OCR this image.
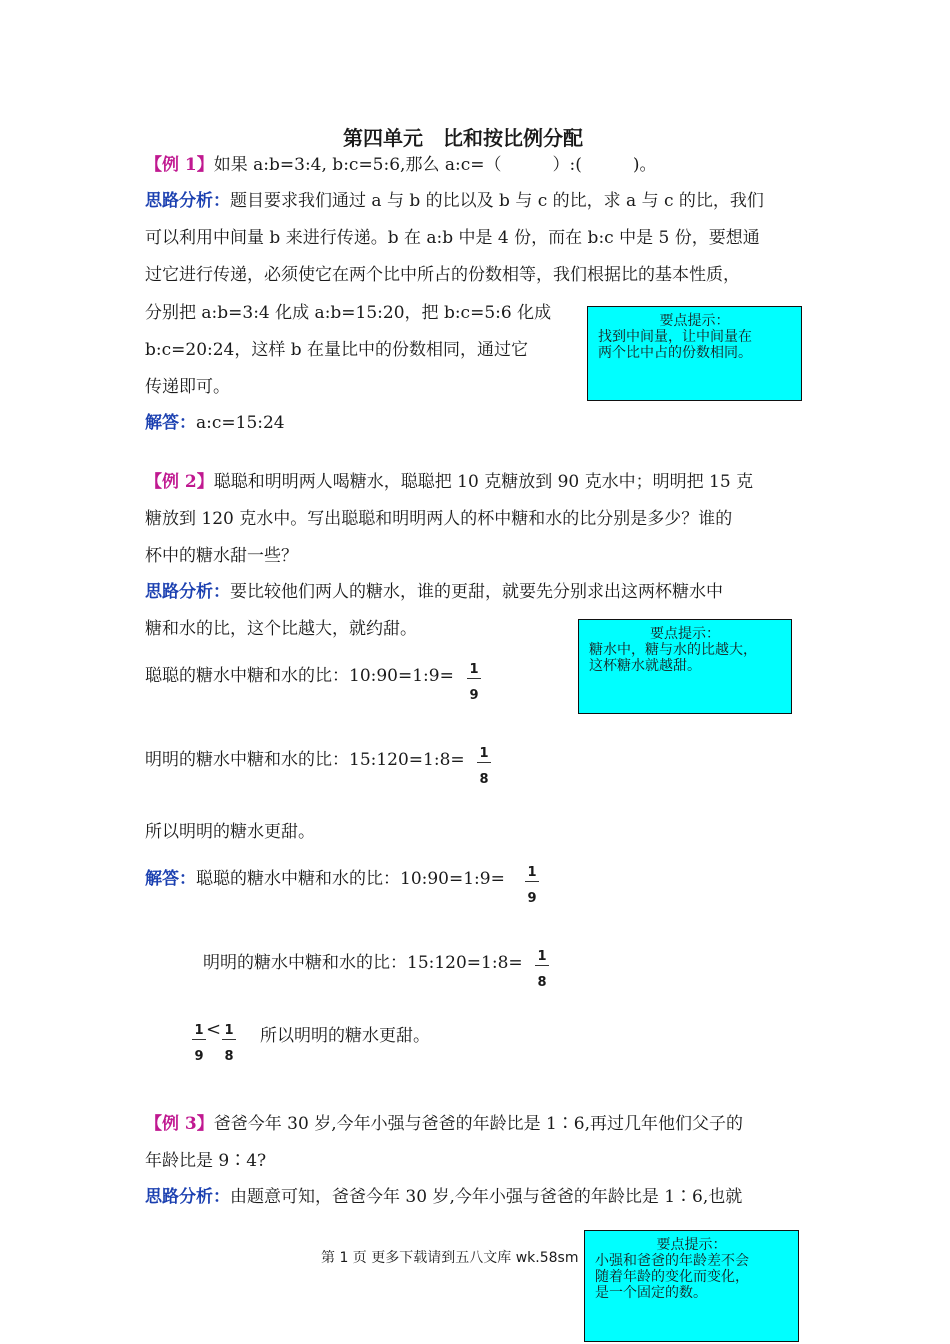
第四单元　比和按比例分配
【例 1】如果 a:b=3:4, b:c=5:6,那么 a:c=（　　　）:(　　　)。
思路分析：题目要求我们通过 a 与 b 的比以及 b 与 c 的比，求 a 与 c 的比，我们
可以利用中间量 b 来进行传递。b 在 a:b 中是 4 份，而在 b:c 中是 5 份，要想通
过它进行传递，必须使它在两个比中所占的份数相等，我们根据比的基本性质，
分别把 a:b=3:4 化成 a:b=15:20，把 b:c=5:6 化成
b:c=20:24，这样 b 在量比中的份数相同，通过它
传递即可。
解答：a:c=15:24
要点提示：
找到中间量，让中间量在
两个比中占的份数相同。
【例 2】聪聪和明明两人喝糖水，聪聪把 10 克糖放到 90 克水中；明明把 15 克
糖放到 120 克水中。写出聪聪和明明两人的杯中糖和水的比分别是多少？谁的
杯中的糖水甜一些？
思路分析：要比较他们两人的糖水，谁的更甜，就要先分别求出这两杯糖水中
糖和水的比，这个比越大，就约甜。	要点提示：
糖水中，糖与水的比越大，
这杯糖水就越甜。
聪聪的糖水中糖和水的比：10:90=1:9= $\frac{1}{9}$
明明的糖水中糖和水的比：15:120=1:8= $\frac{1}{8}$
所以明明的糖水更甜。
解答：聪聪的糖水中糖和水的比：10:90=1:9= $\frac{1}{9}$
明明的糖水中糖和水的比：15:120=1:8= $\frac{1}{8}$
$\frac{1}{9} < \frac{1}{8}$ 所以明明的糖水更甜。
【例 3】爸爸今年 30 岁,今年小强与爸爸的年龄比是 1∶6,再过几年他们父子的
年龄比是 9∶4?
思路分析：由题意可知，爸爸今年 30 岁,今年小强与爸爸的年龄比是 1∶6,也就
第 1 页 更多下载请到五八文库 wk.58sm
要点提示：
小强和爸爸的年龄差不会
随着年龄的变化而变化，
是一个固定的数。
